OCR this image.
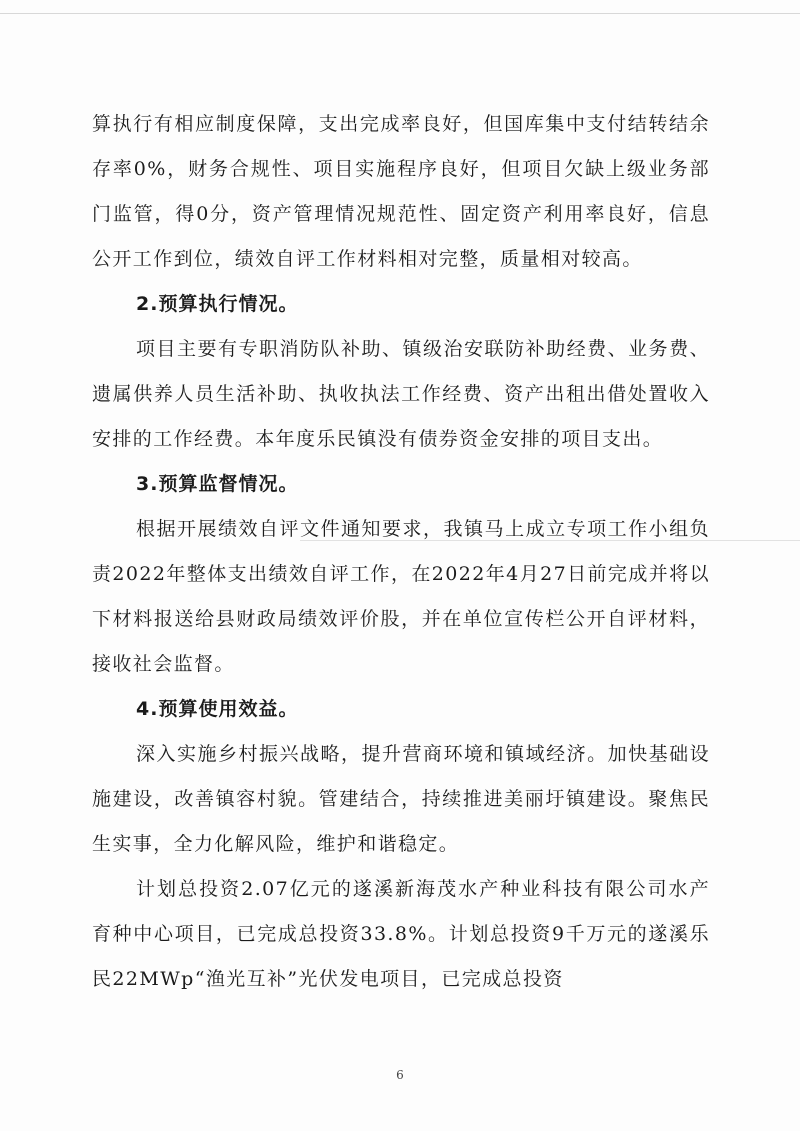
算执行有相应制度保障，支出完成率良好，但国库集中支付结转结余存率0%，财务合规性、项目实施程序良好，但项目欠缺上级业务部门监管，得0分，资产管理情况规范性、固定资产利用率良好，信息公开工作到位，绩效自评工作材料相对完整，质量相对较高。

2.预算执行情况。

项目主要有专职消防队补助、镇级治安联防补助经费、业务费、遗属供养人员生活补助、执收执法工作经费、资产出租出借处置收入安排的工作经费。本年度乐民镇没有债券资金安排的项目支出。

3.预算监督情况。

根据开展绩效自评文件通知要求，我镇马上成立专项工作小组负责2022年整体支出绩效自评工作，在2022年4月27日前完成并将以下材料报送给县财政局绩效评价股，并在单位宣传栏公开自评材料，接收社会监督。

4.预算使用效益。

深入实施乡村振兴战略，提升营商环境和镇域经济。加快基础设施建设，改善镇容村貌。管建结合，持续推进美丽圩镇建设。聚焦民生实事，全力化解风险，维护和谐稳定。

计划总投资2.07亿元的遂溪新海茂水产种业科技有限公司水产育种中心项目，已完成总投资33.8%。计划总投资9千万元的遂溪乐民22MWp“渔光互补”光伏发电项目，已完成总投资

6
